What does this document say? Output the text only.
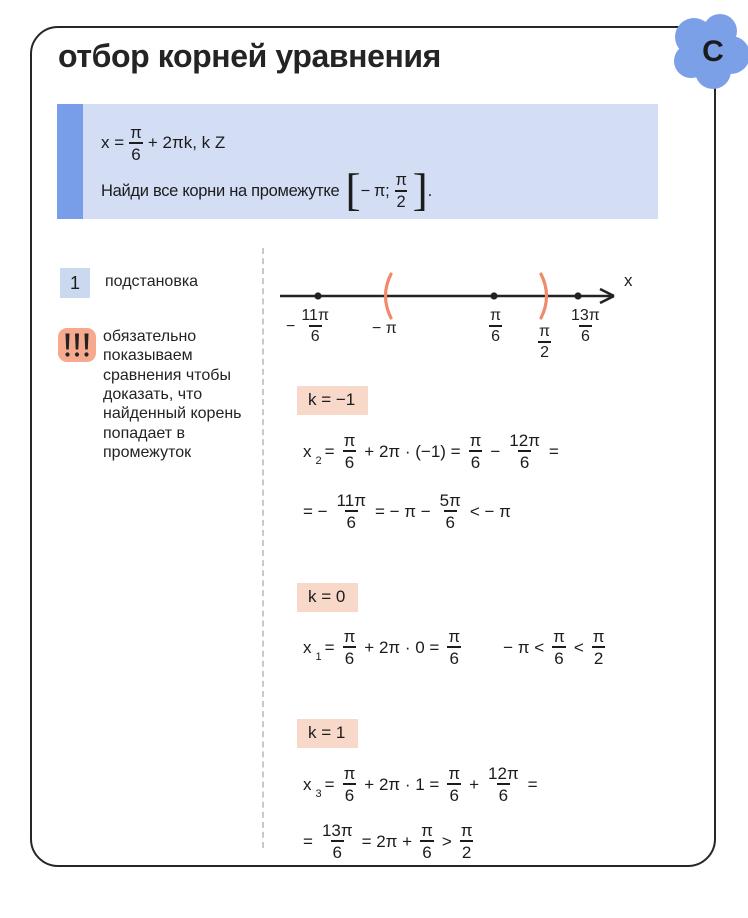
C
отбор корней уравнения
$x = \frac{\pi}{6} + 2\pi k$, k Z
Найди все корни на промежутке [ − π; $\frac{\pi}{2}$ ] .
1	подстановка
обязательно показываем сравнения чтобы доказать, что найденный корень попадает в промежуток
x
− $\frac{11\pi}{6}$	− π	$\frac{\pi}{6} \frac{\pi}{2} \frac{13\pi}{6}$
k = −1
x
2
= $\frac{\pi}{6} + 2\pi \cdot (-1) = \frac{\pi}{6} - \frac{12\pi}{6}$ =
= − $\frac{11\pi}{6}$ = − $\pi - \frac{5\pi}{6}$ < − π
k = 0
x
1
= $\frac{\pi}{6} + 2\pi \cdot 0 = \frac{\pi}{6} - \pi < \frac{\pi}{6} < \frac{\pi}{2}$
k = 1
x
3
= $\frac{\pi}{6} + 2\pi \cdot 1 = \frac{\pi}{6} + \frac{12\pi}{6}$ =
= $\frac{13\pi}{6} = 2\pi + \frac{\pi}{6} > \frac{\pi}{2}$
